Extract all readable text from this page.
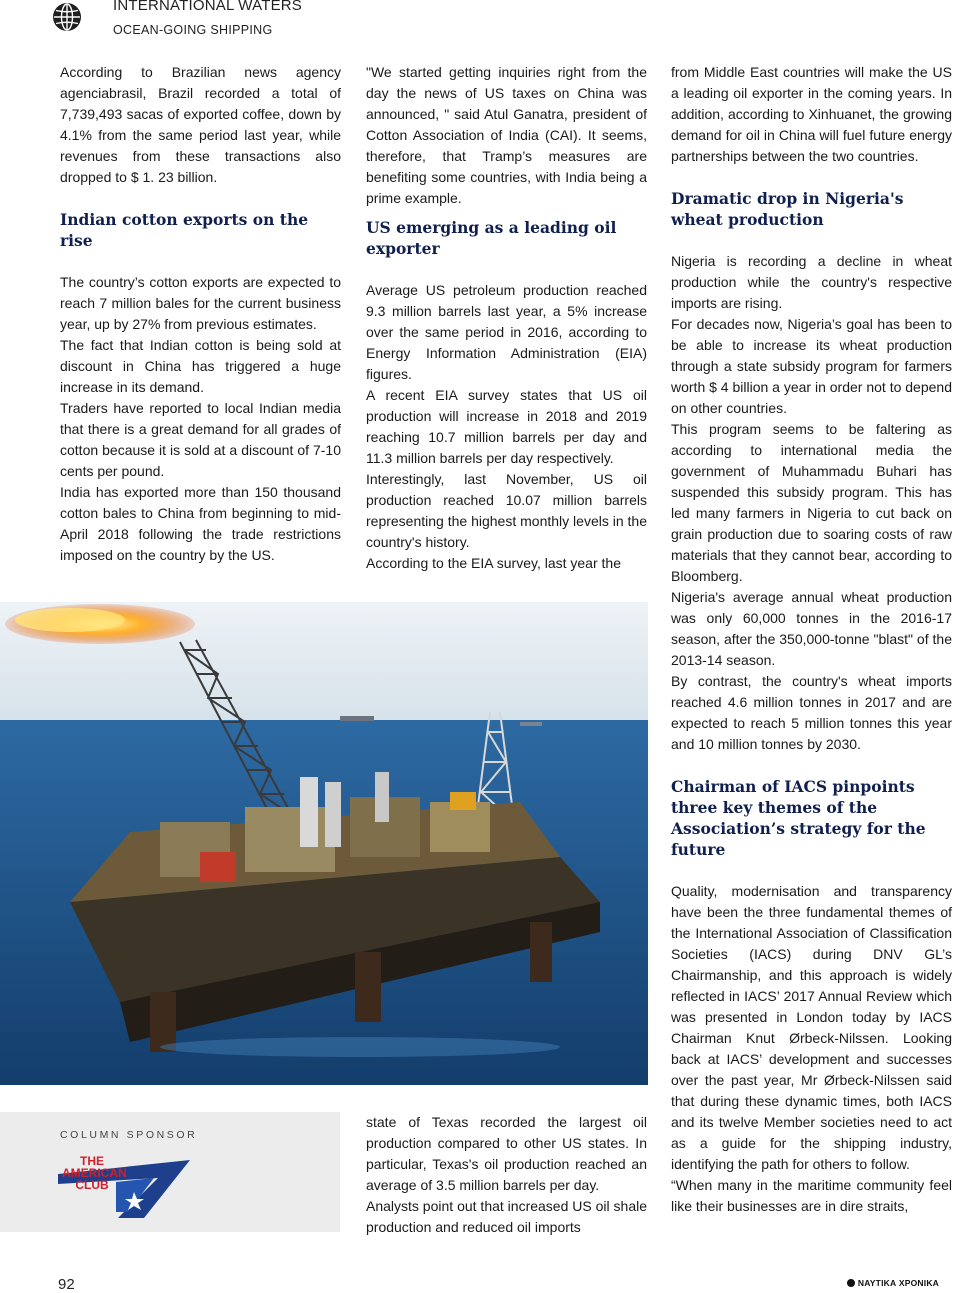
INTERNATIONAL WATERS
OCEAN-GOING SHIPPING

According to Brazilian news agency agenciabrasil, Brazil recorded a total of 7,739,493 sacas of exported coffee, down by 4.1% from the same period last year, while revenues from these transactions also dropped to $ 1. 23 billion.

Indian cotton exports on the rise

The country’s cotton exports are expected to reach 7 million bales for the current business year, up by 27% from previous estimates.

The fact that Indian cotton is being sold at discount in China has triggered a huge increase in its demand.

Traders have reported to local Indian media that there is a great demand for all grades of cotton because it is sold at a discount of 7-10 cents per pound.

India has exported more than 150 thousand cotton bales to China from beginning to mid-April 2018 following the trade restrictions imposed on the country by the US.

"We started getting inquiries right from the day the news of US taxes on China was announced, " said Atul Ganatra, president of Cotton Association of India (CAI). It seems, therefore, that Tramp’s measures are benefiting some countries, with India being a prime example.

US emerging as a leading oil exporter

Average US petroleum production reached 9.3 million barrels last year, a 5% increase over the same period in 2016, according to Energy Information Administration (EIA) figures.

A recent EIA survey states that US oil production will increase in 2018 and 2019 reaching 10.7 million barrels per day and 11.3 million barrels per day respectively.

Interestingly, last November, US oil production reached 10.07 million barrels representing the highest monthly levels in the country's history.

According to the EIA survey, last year the

from Middle East countries will make the US a leading oil exporter in the coming years. In addition, according to Xinhuanet, the growing demand for oil in China will fuel future energy partnerships between the two countries.

Dramatic drop in Nigeria's wheat production

Nigeria is recording a decline in wheat production while the country's respective imports are rising.

For decades now, Nigeria’s goal has been to be able to increase its wheat production through a state subsidy program for farmers worth $ 4 billion a year in order not to depend on other countries.

This program seems to be faltering as according to international media the government of Muhammadu Buhari has suspended this subsidy program. This has led many farmers in Nigeria to cut back on grain production due to soaring costs of raw materials that they cannot bear, according to Bloomberg.

Nigeria's average annual wheat production was only 60,000 tonnes in the 2016-17 season, after the 350,000-tonne "blast" of the 2013-14 season.

By contrast, the country's wheat imports reached 4.6 million tonnes in 2017 and are expected to reach 5 million tonnes this year and 10 million tonnes by 2030.

Chairman of IACS pinpoints three key themes of the Association’s strategy for the future

Quality, modernisation and transparency have been the three fundamental themes of the International Association of Classification Societies (IACS) during DNV GL’s Chairmanship, and this approach is widely reflected in IACS’ 2017 Annual Review which was presented in London today by IACS Chairman Knut Ørbeck-Nilssen. Looking back at IACS’ development and successes over the past year, Mr Ørbeck-Nilssen said that during these dynamic times, both IACS and its twelve Member societies need to act as a guide for the shipping industry, identifying the path for others to follow.

“When many in the maritime community feel like their businesses are in dire straits,

state of Texas recorded the largest oil production compared to other US states. In particular, Texas's oil production reached an average of 3.5 million barrels per day.

Analysts point out that increased US oil shale production and reduced oil imports

COLUMN SPONSOR
THE
AMERICAN
CLUB
92	ΝΑΥΤΙΚΑ ΧΡΟΝΙΚΑ
